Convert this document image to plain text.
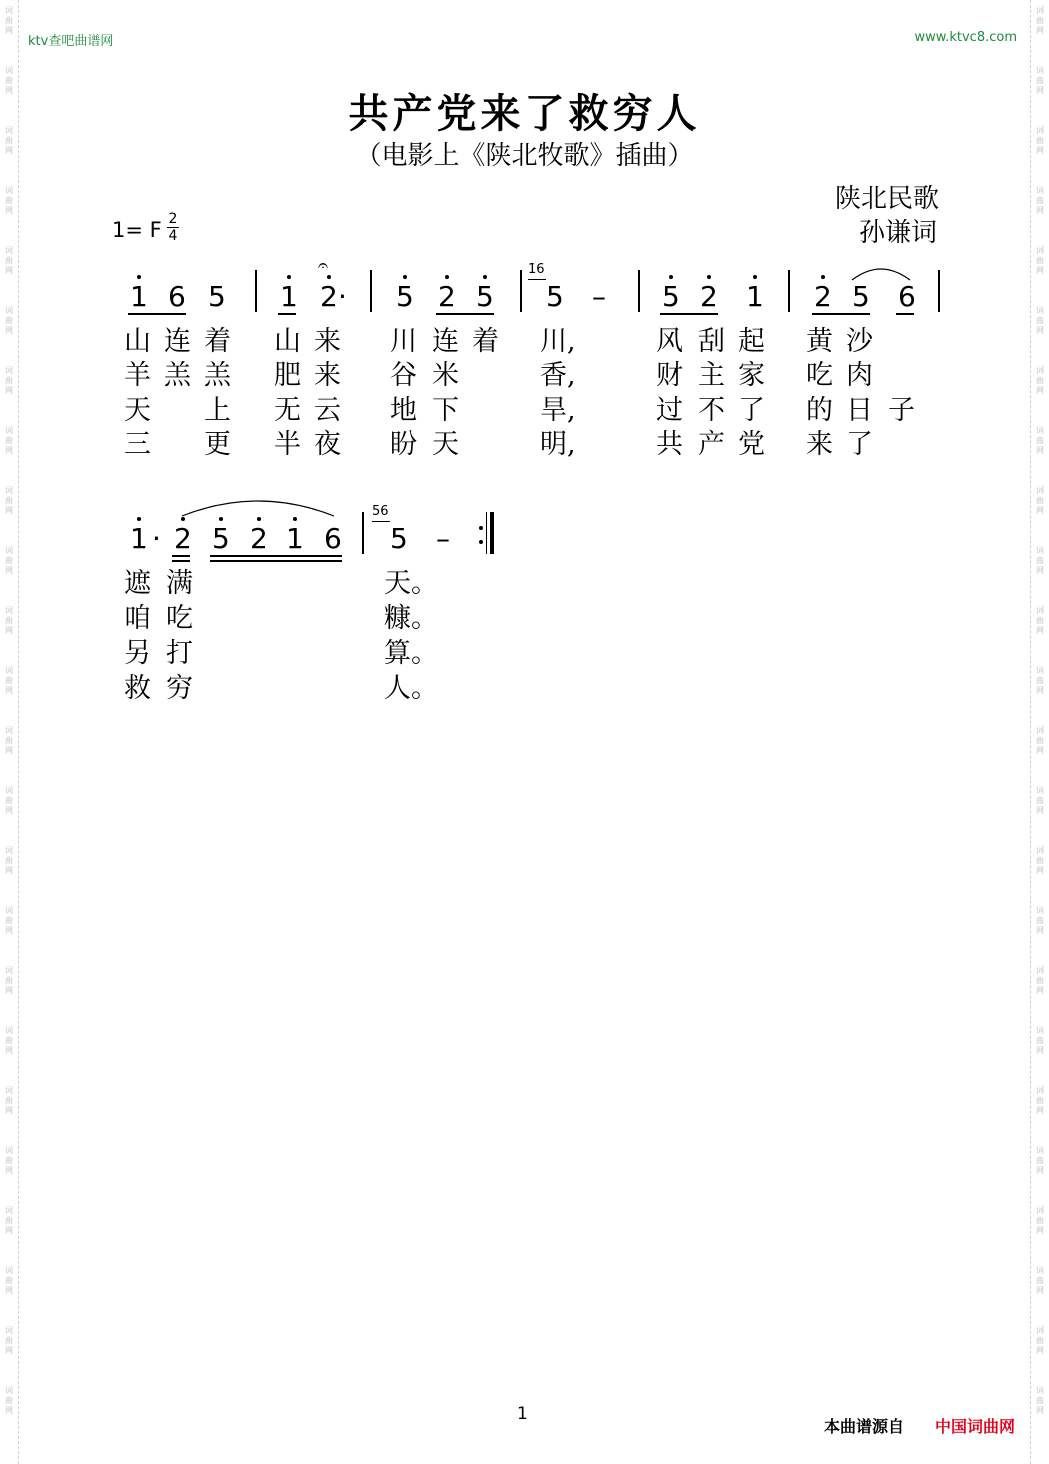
词
曲
网
词
曲
网
词
曲
网
词
曲
网
词
曲
网
词
曲
网
词
曲
网
词
曲
网
词
曲
网
词
曲
网
词
曲
网
词
曲
网
词
曲
网
词
曲
网
词
曲
网
词
曲
网
词
曲
网
词
曲
网
词
曲
网
词
曲
网
词
曲
网
词
曲
网
词
曲
网
词
曲
网
词
曲
网
词
曲
网
词
曲
网
词
曲
网
词
曲
网
词
曲
网
词
曲
网
词
曲
网
词
曲
网
词
曲
网
词
曲
网
词
曲
网
词
曲
网
词
曲
网
词
曲
网
词
曲
网
词
曲
网
词
曲
网
词
曲
网
词
曲
网
词
曲
网
词
曲
网
词
曲
网
词
曲
网
ktv查吧曲谱网	www.ktvc8.com
共产党来了救穷人
（电影上《陕北牧歌》插曲）
陕北民歌
孙谦词
1= F 2
4
1 6 5 1 2 ·
𝄐
5 2 5
1̇6
5 – 5 2 1 2 5 6
山 连 着 山 来 川 连 着 川,	风 刮 起 黄 沙
羊 羔 羔 肥 来 谷 米	香,	财 主 家 吃 肉
天 上 无 云 地 下	旱,	过 不 了 的 日 子
三 更 半 夜 盼 天	明,	共 产 党 来 了
1 · 2 5 2 1 6
56
5 –
遮 满	天。
咱 吃	糠。
另 打	算。
救 穷	人。
1
本曲谱源自 中国词曲网
